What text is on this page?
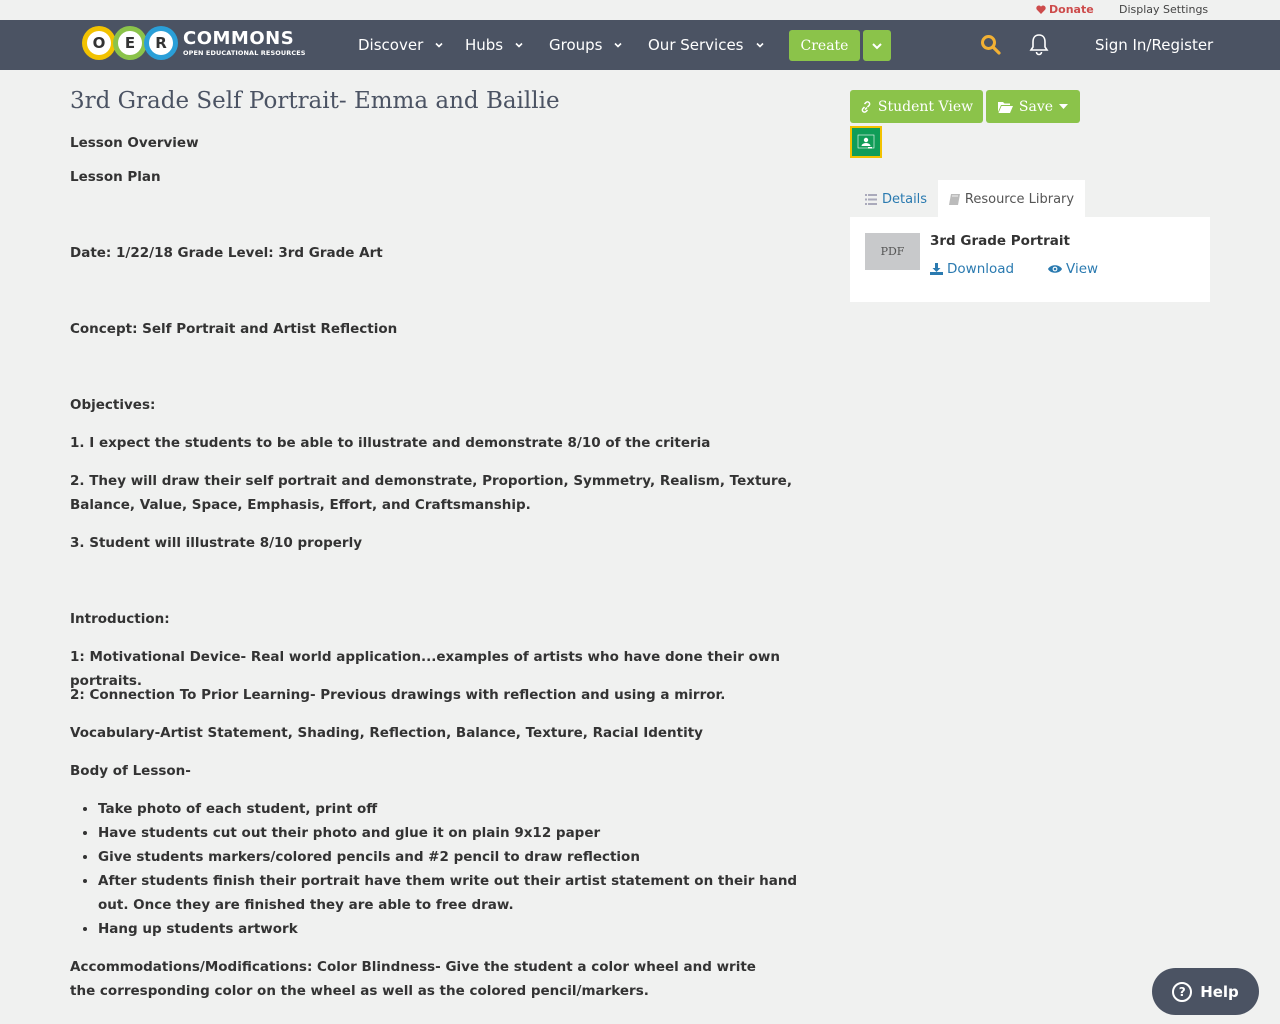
Donate Display Settings
O	E	R COMMONS
OPEN EDUCATIONAL RESOURCES	Discover	Hubs	Groups	Our Services	Create	Sign In/Register
3rd Grade Self Portrait- Emma and Baillie

Lesson Overview

Lesson Plan

Date: 1/22/18 Grade Level: 3rd Grade Art

Concept: Self Portrait and Artist Reflection

Objectives:

1. I expect the students to be able to illustrate and demonstrate 8/10 of the criteria

2. They will draw their self portrait and demonstrate, Proportion, Symmetry, Realism, Texture, Balance, Value, Space, Emphasis, Effort, and Craftsmanship.

3. Student will illustrate 8/10 properly

Introduction:

1: Motivational Device- Real world application...examples of artists who have done their own portraits.

2: Connection To Prior Learning- Previous drawings with reflection and using a mirror.

Vocabulary-Artist Statement, Shading, Reflection, Balance, Texture, Racial Identity

Body of Lesson-

• Take photo of each student, print off
• Have students cut out their photo and glue it on plain 9x12 paper
• Give students markers/colored pencils and #2 pencil to draw reflection
• After students finish their portrait have them write out their artist statement on their hand out. Once they are finished they are able to free draw.
• Hang up students artwork

Accommodations/Modifications: Color Blindness- Give the student a color wheel and write the corresponding color on the wheel as well as the colored pencil/markers.

Student View	Save
Details	Resource Library
PDF
3rd Grade Portrait
Download	View
? Help
